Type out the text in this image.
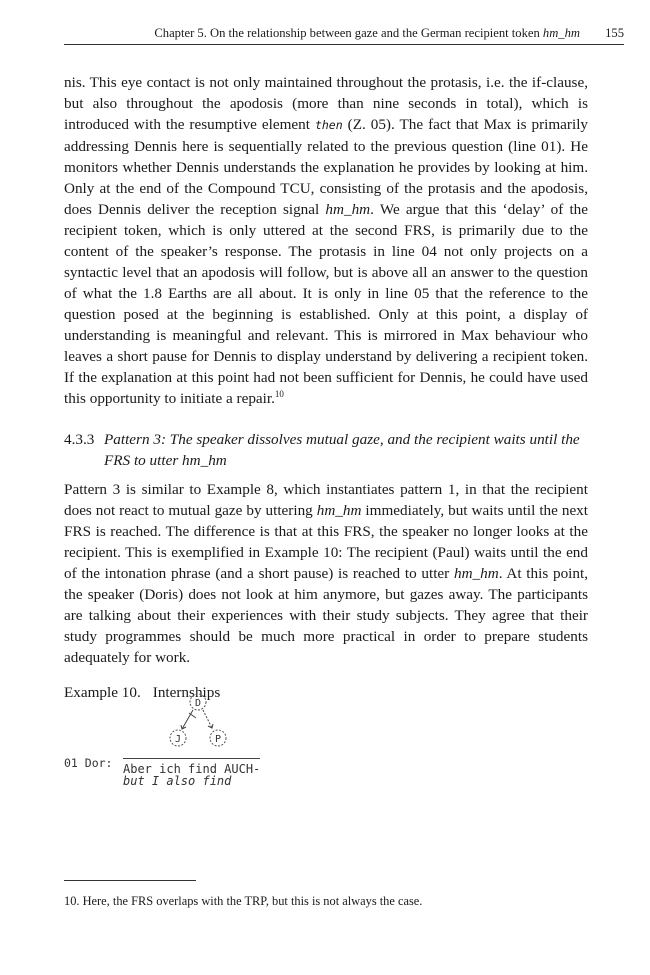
Chapter 5. On the relationship between gaze and the German recipient token hm_hm 155

nis. This eye contact is not only maintained throughout the protasis, i.e. the if-clause, but also throughout the apodosis (more than nine seconds in total), which is introduced with the resumptive element then (Z. 05). The fact that Max is primarily addressing Dennis here is sequentially related to the previous question (line 01). He monitors whether Dennis understands the explanation he provides by looking at him. Only at the end of the Compound TCU, consisting of the protasis and the apodosis, does Dennis deliver the reception signal hm_hm. We argue that this ‘delay’ of the recipient token, which is only uttered at the second FRS, is primarily due to the content of the speaker’s response. The protasis in line 04 not only projects on a syntactic level that an apodosis will follow, but is above all an answer to the question of what the 1.8 Earths are all about. It is only in line 05 that the reference to the question posed at the beginning is established. Only at this point, a display of understanding is meaningful and relevant. This is mirrored in Max behaviour who leaves a short pause for Dennis to display understand by delivering a recipient token. If the explanation at this point had not been sufficient for Dennis, he could have used this opportunity to initiate a repair.$^{10}$

4.3.3 Pattern 3: The speaker dissolves mutual gaze, and the recipient waits until the FRS to utter hm_hm

Pattern 3 is similar to Example 8, which instantiates pattern 1, in that the recipient does not react to mutual gaze by uttering hm_hm immediately, but waits until the next FRS is reached. The difference is that at this FRS, the speaker no longer looks at the recipient. This is exemplified in Example 10: The recipient (Paul) waits until the end of the intonation phrase (and a short pause) is reached to utter hm_hm. At this point, the speaker (Doris) does not look at him anymore, but gazes away. The participants are talking about their experiences with their study subjects. They agree that their study programmes should be much more practical in order to prepare students adequately for work.

Example 10. Internships
D
J	P
01 Dor: Aber ich find AUCH-
but I also find
10. Here, the FRS overlaps with the TRP, but this is not always the case.
